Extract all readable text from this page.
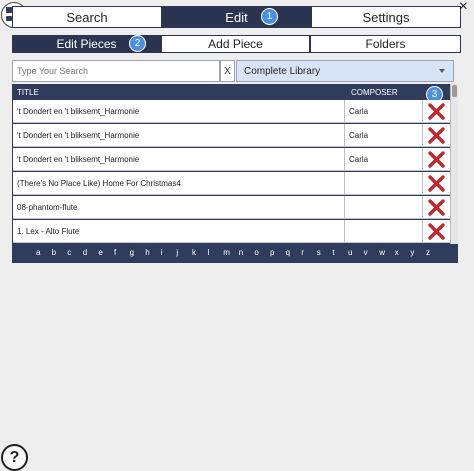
Search	Edit	1	Settings
×
Edit Pieces	2	Add Piece	Folders
Type Your Search
X	Complete Library
TITLE	COMPOSER	3
't Dondert en 't bliksemt_Harmonie	Carla
't Dondert en 't bliksemt_Harmonie	Carla
't Dondert en 't bliksemt_Harmonie	Carla
(There's No Place Like) Home For Christmas4
08-phantom-flute
1. Lex - Alto Flute
a b c d e f g h i j k l m n o p q r s t u v w x y z
?
